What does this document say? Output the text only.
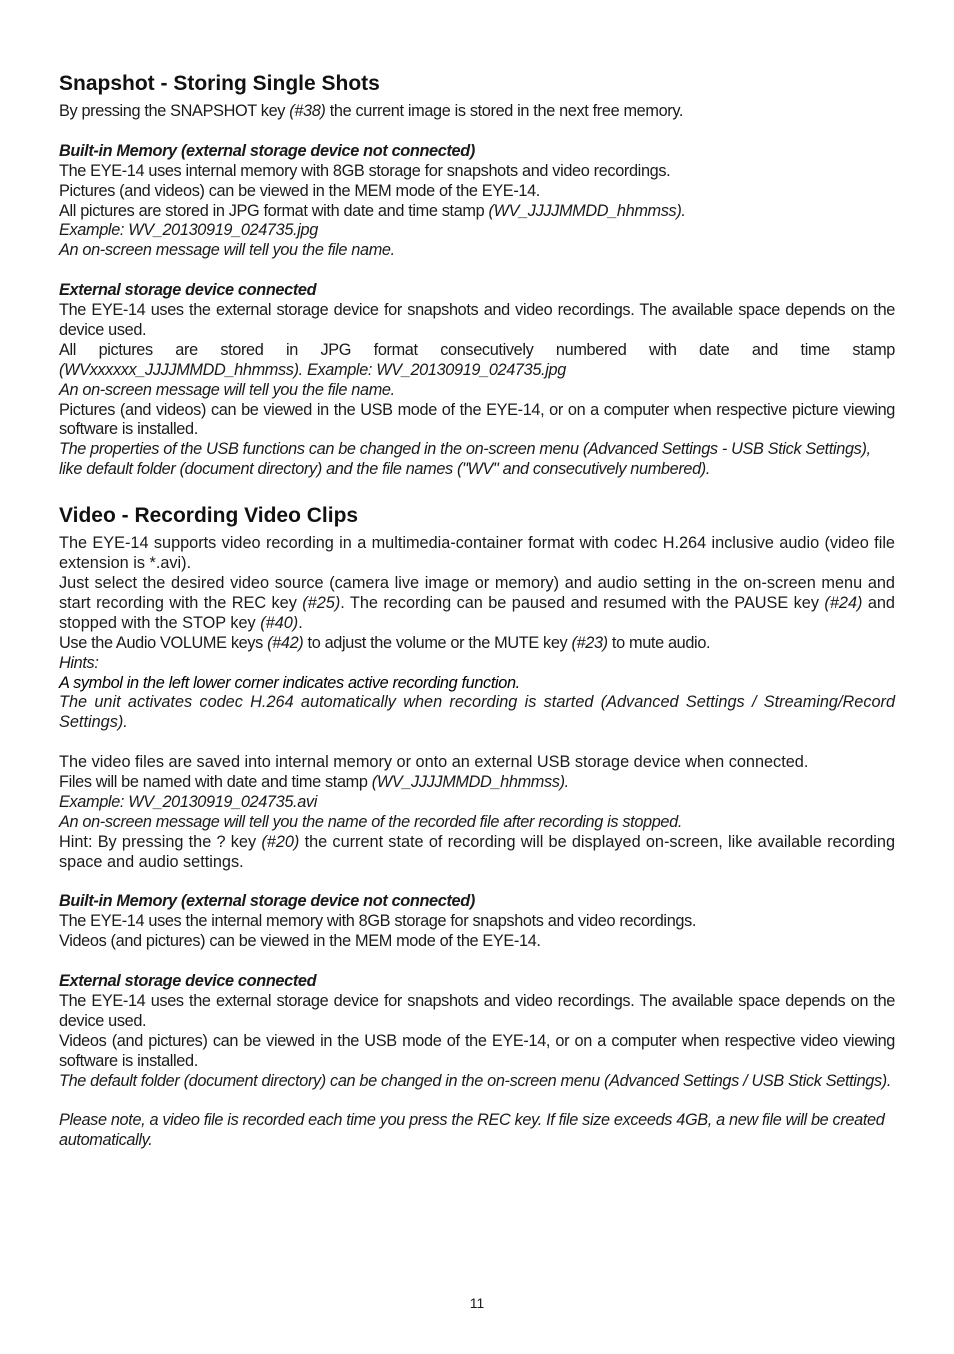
Snapshot - Storing Single Shots

By pressing the SNAPSHOT key (#38) the current image is stored in the next free memory.

Built-in Memory (external storage device not connected)

The EYE-14 uses internal memory with 8GB storage for snapshots and video recordings.

Pictures (and videos) can be viewed in the MEM mode of the EYE-14.

All pictures are stored in JPG format with date and time stamp (WV_JJJJMMDD_hhmmss).

Example: WV_20130919_024735.jpg

An on-screen message will tell you the file name.

External storage device connected

The EYE-14 uses the external storage device for snapshots and video recordings. The available space depends on the device used.

All pictures are stored in JPG format consecutively numbered with date and time stamp (WVxxxxxx_JJJJMMDD_hhmmss). Example: WV_20130919_024735.jpg

An on-screen message will tell you the file name.

Pictures (and videos) can be viewed in the USB mode of the EYE-14, or on a computer when respective picture viewing software is installed.

The properties of the USB functions can be changed in the on-screen menu (Advanced Settings - USB Stick Settings), like default folder (document directory) and the file names ("WV" and consecutively numbered).

Video - Recording Video Clips

The EYE-14 supports video recording in a multimedia-container format with codec H.264 inclusive audio (video file extension is *.avi).

Just select the desired video source (camera live image or memory) and audio setting in the on-screen menu and start recording with the REC key (#25). The recording can be paused and resumed with the PAUSE key (#24) and stopped with the STOP key (#40).

Use the Audio VOLUME keys (#42) to adjust the volume or the MUTE key (#23) to mute audio.

Hints:

A symbol in the left lower corner indicates active recording function.

The unit activates codec H.264 automatically when recording is started (Advanced Settings / Streaming/Record Settings).

The video files are saved into internal memory or onto an external USB storage device when connected.

Files will be named with date and time stamp (WV_JJJJMMDD_hhmmss).

Example: WV_20130919_024735.avi

An on-screen message will tell you the name of the recorded file after recording is stopped.

Hint: By pressing the ? key (#20) the current state of recording will be displayed on-screen, like available recording space and audio settings.

Built-in Memory (external storage device not connected)

The EYE-14 uses the internal memory with 8GB storage for snapshots and video recordings.

Videos (and pictures) can be viewed in the MEM mode of the EYE-14.

External storage device connected

The EYE-14 uses the external storage device for snapshots and video recordings. The available space depends on the device used.

Videos (and pictures) can be viewed in the USB mode of the EYE-14, or on a computer when respective video viewing software is installed.

The default folder (document directory) can be changed in the on-screen menu (Advanced Settings / USB Stick Settings).

Please note, a video file is recorded each time you press the REC key. If file size exceeds 4GB, a new file will be created automatically.

11
